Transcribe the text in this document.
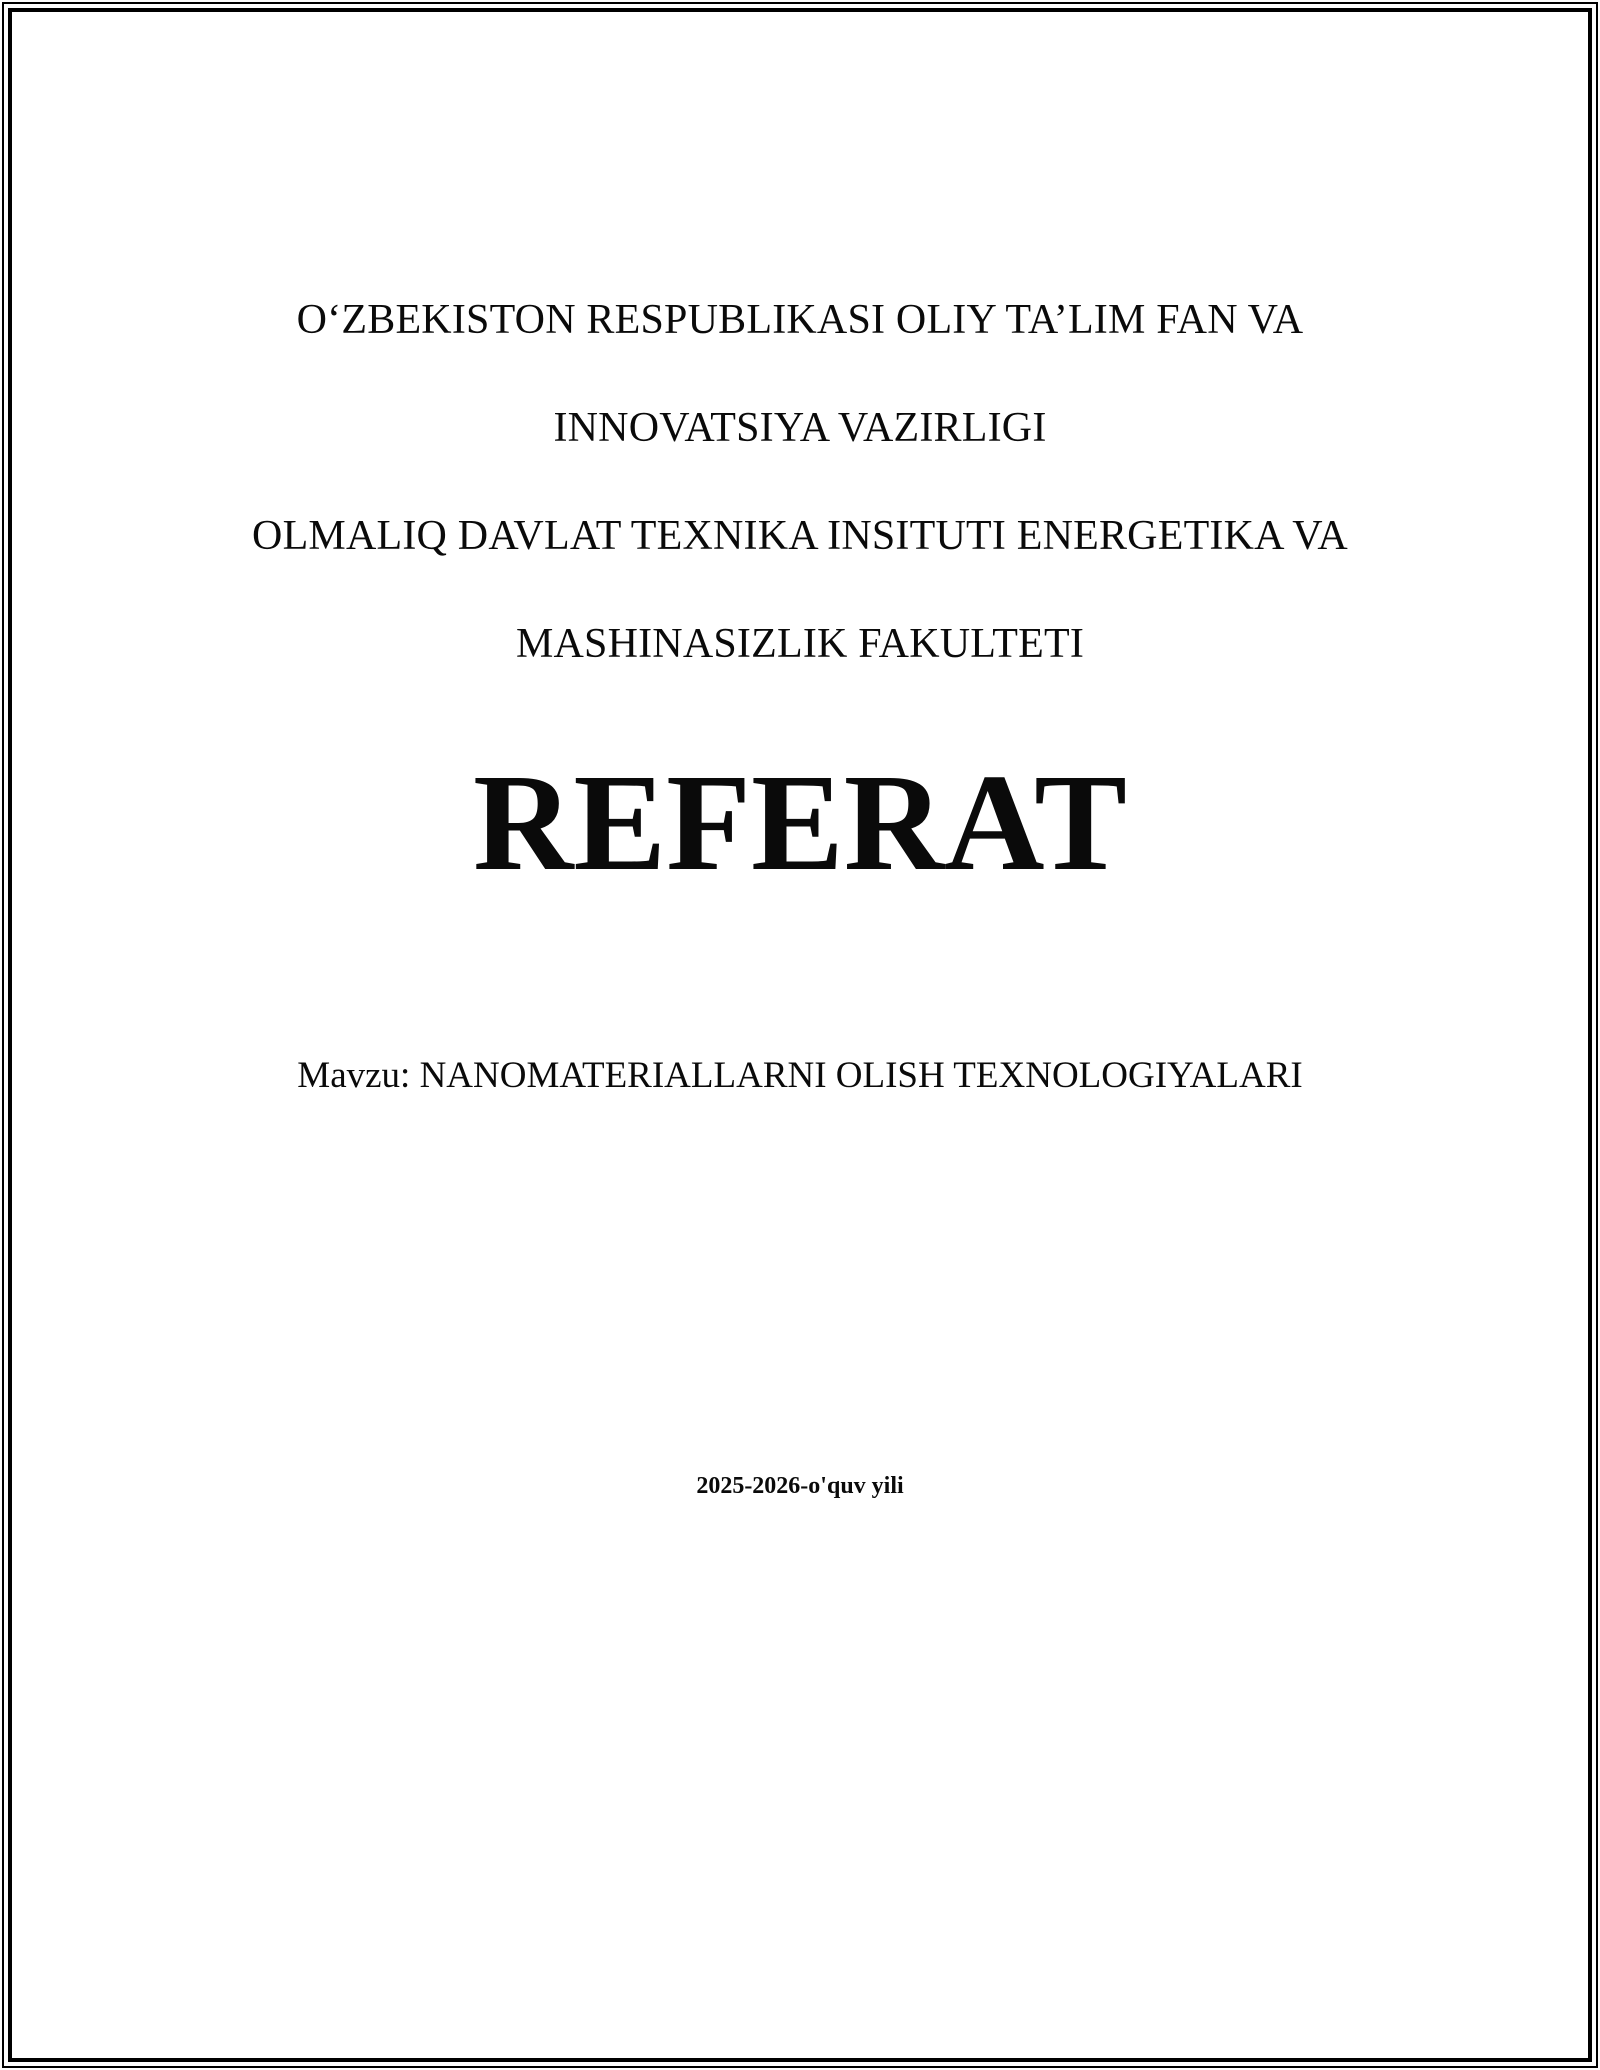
O‘ZBEKISTON RESPUBLIKASI OLIY TA’LIM FAN VA

INNOVATSIYA VAZIRLIGI

OLMALIQ DAVLAT TEXNIKA INSITUTI ENERGETIKA VA

MASHINASIZLIK FAKULTETI

REFERAT
Mavzu: NANOMATERIALLARNI OLISH TEXNOLOGIYALARI
2025-2026-o'quv yili
